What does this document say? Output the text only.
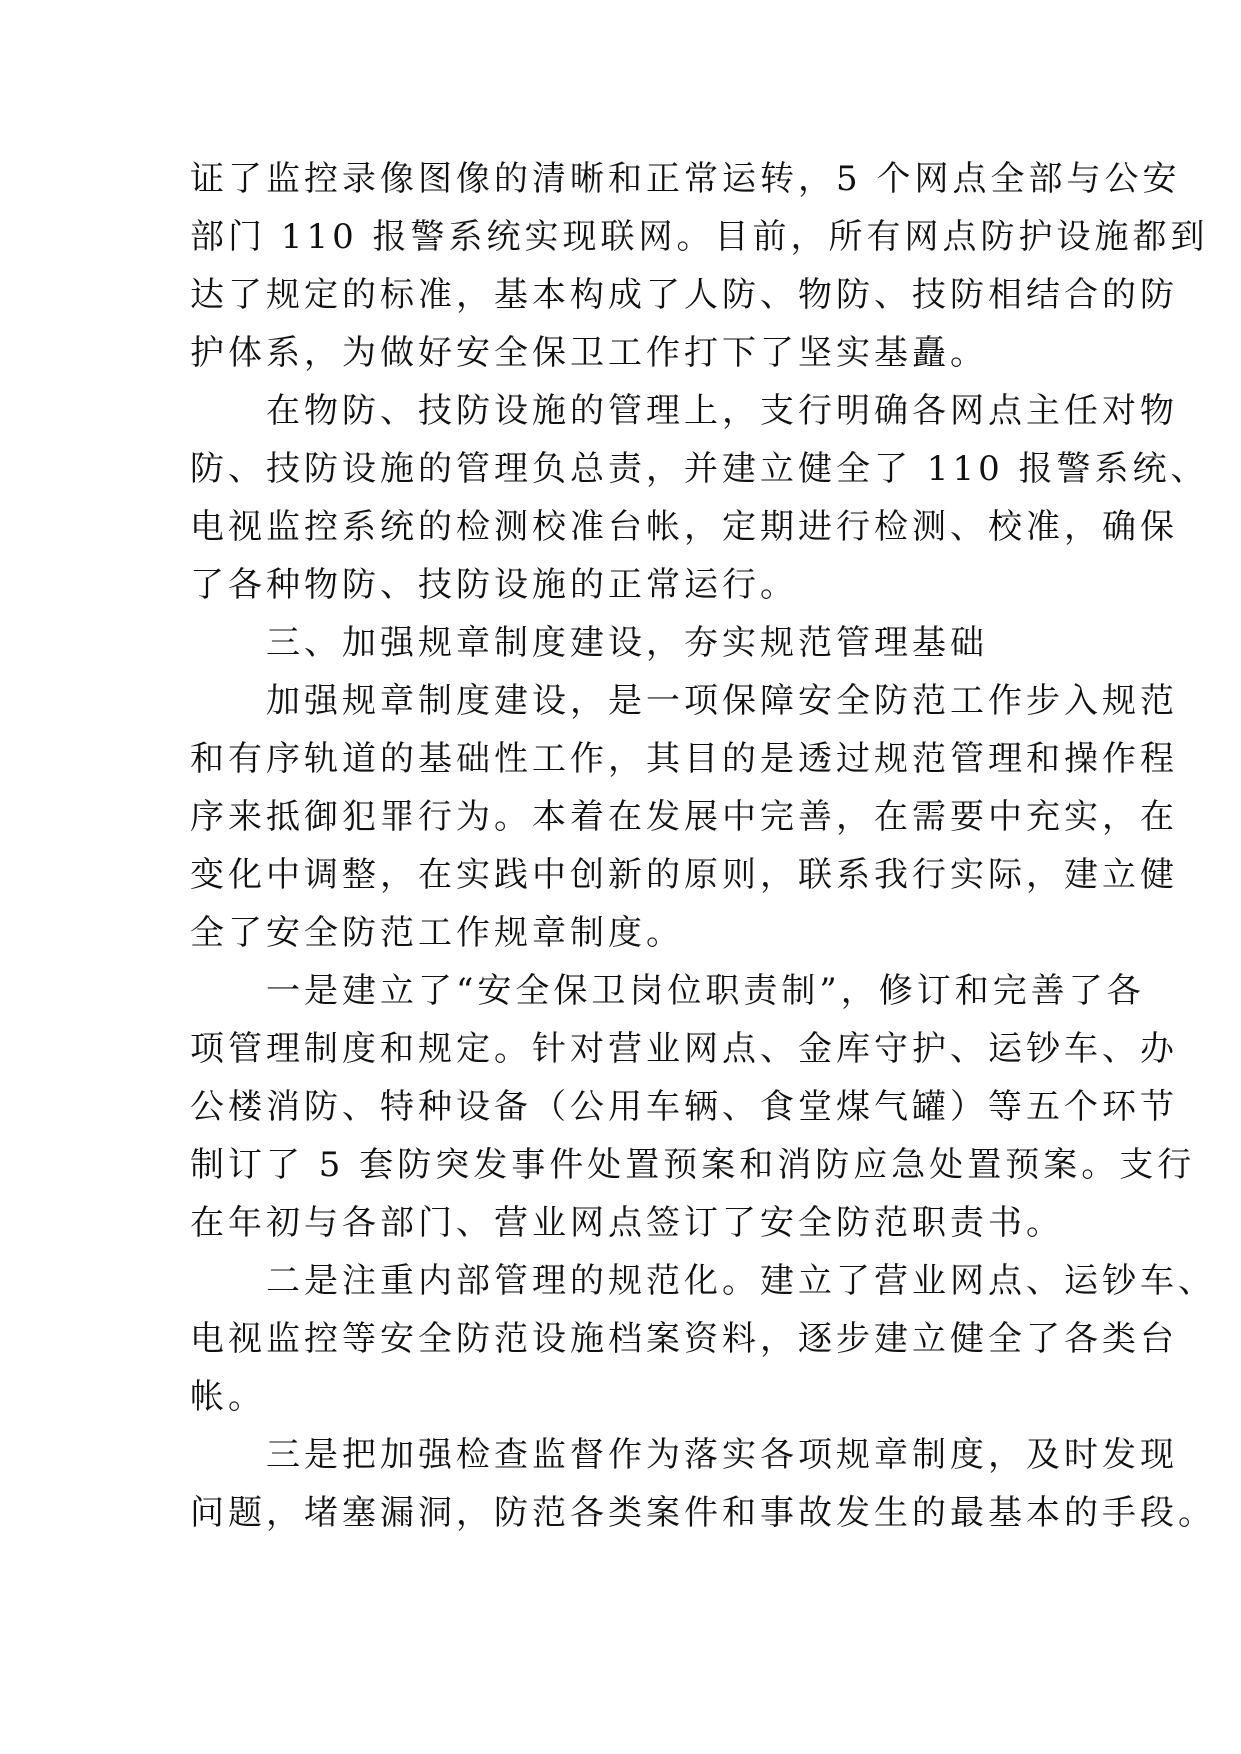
证了监控录像图像的清晰和正常运转，5 个网点全部与公安
部门 110 报警系统实现联网。目前，所有网点防护设施都到
达了规定的标准，基本构成了人防、物防、技防相结合的防
护体系，为做好安全保卫工作打下了坚实基矗。
　　在物防、技防设施的管理上，支行明确各网点主任对物
防、技防设施的管理负总责，并建立健全了 110 报警系统、
电视监控系统的检测校准台帐，定期进行检测、校准，确保
了各种物防、技防设施的正常运行。
　　三、加强规章制度建设，夯实规范管理基础
　　加强规章制度建设，是一项保障安全防范工作步入规范
和有序轨道的基础性工作，其目的是透过规范管理和操作程
序来抵御犯罪行为。本着在发展中完善，在需要中充实，在
变化中调整，在实践中创新的原则，联系我行实际，建立健
全了安全防范工作规章制度。
　　一是建立了“安全保卫岗位职责制”，修订和完善了各
项管理制度和规定。针对营业网点、金库守护、运钞车、办
公楼消防、特种设备（公用车辆、食堂煤气罐）等五个环节
制订了 5 套防突发事件处置预案和消防应急处置预案。支行
在年初与各部门、营业网点签订了安全防范职责书。
　　二是注重内部管理的规范化。建立了营业网点、运钞车、
电视监控等安全防范设施档案资料，逐步建立健全了各类台
帐。
　　三是把加强检查监督作为落实各项规章制度，及时发现
问题，堵塞漏洞，防范各类案件和事故发生的最基本的手段。
